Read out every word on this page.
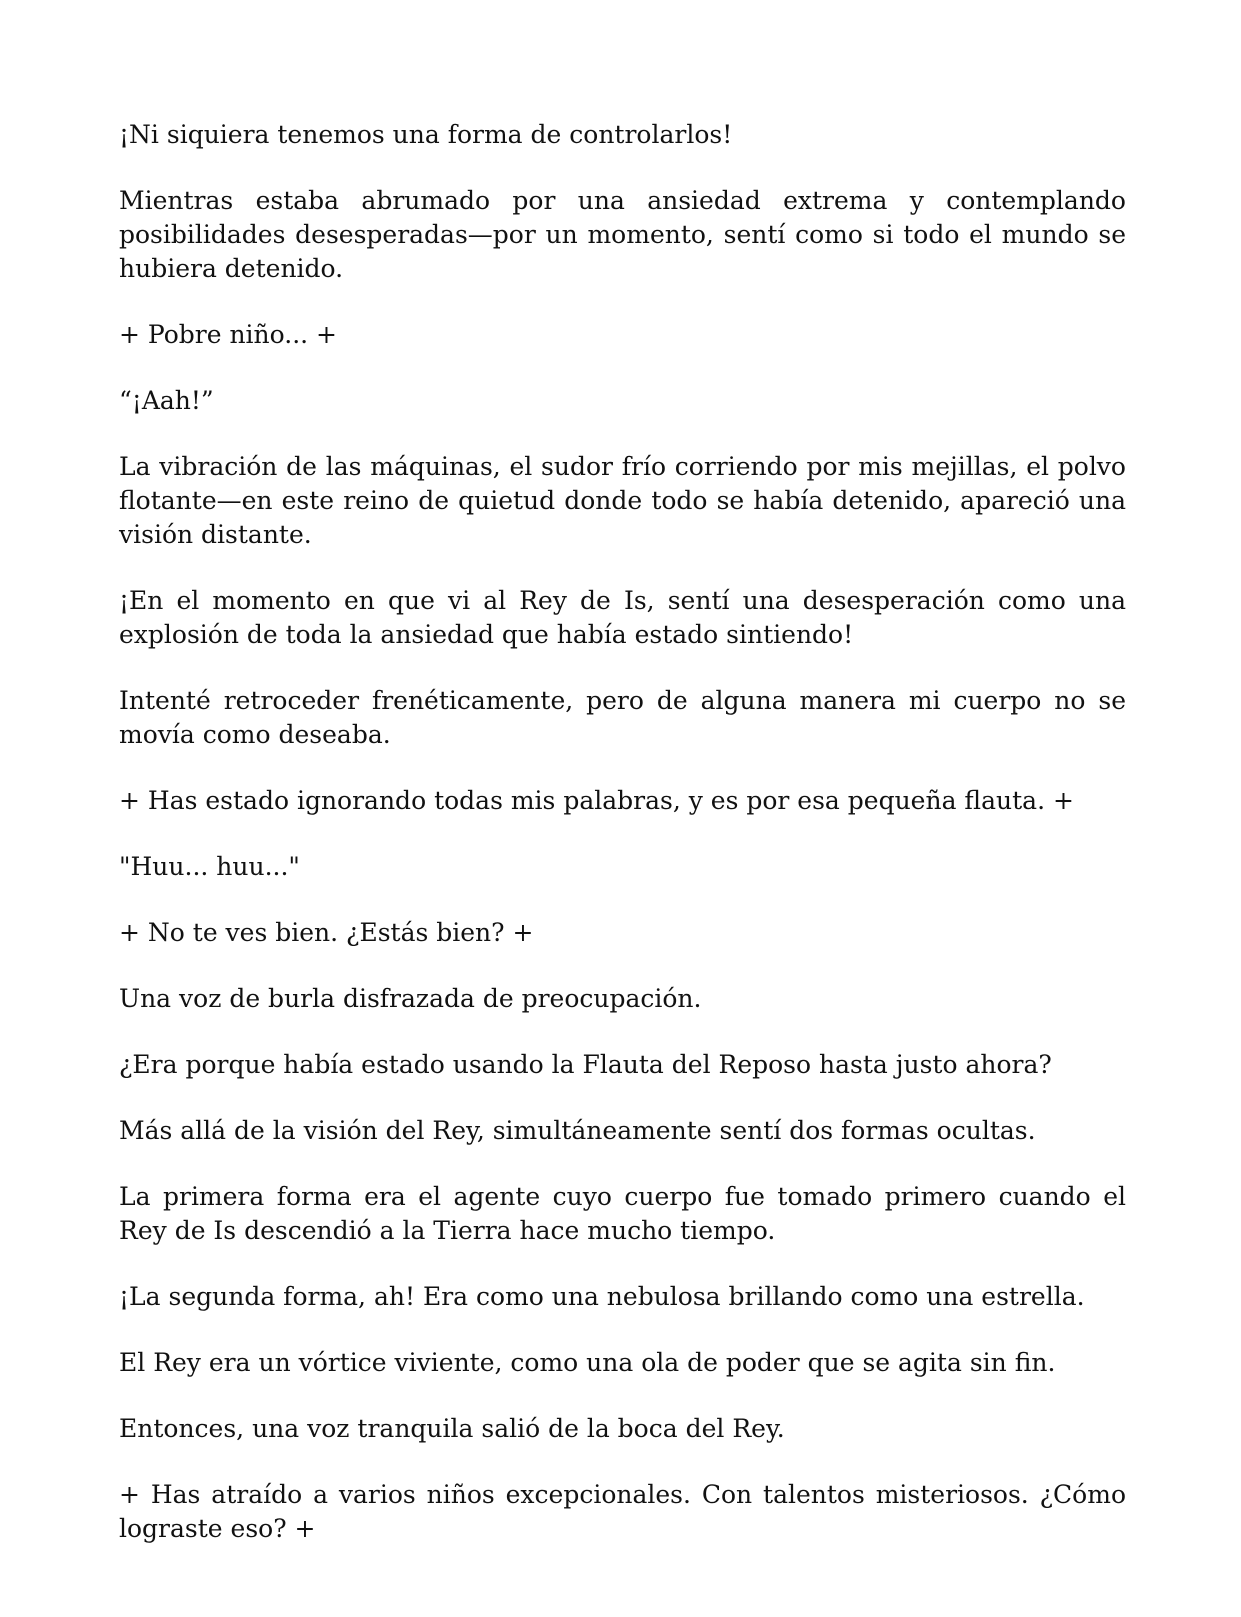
¡Ni siquiera tenemos una forma de controlarlos!

Mientras estaba abrumado por una ansiedad extrema y contemplando posibilidades desesperadas—por un momento, sentí como si todo el mundo se hubiera detenido.

+ Pobre niño... +

“¡Aah!”

La vibración de las máquinas, el sudor frío corriendo por mis mejillas, el polvo flotante—en este reino de quietud donde todo se había detenido, apareció una visión distante.

¡En el momento en que vi al Rey de Is, sentí una desesperación como una explosión de toda la ansiedad que había estado sintiendo!

Intenté retroceder frenéticamente, pero de alguna manera mi cuerpo no se movía como deseaba.

+ Has estado ignorando todas mis palabras, y es por esa pequeña flauta. +

"Huu... huu..."

+ No te ves bien. ¿Estás bien? +

Una voz de burla disfrazada de preocupación.

¿Era porque había estado usando la Flauta del Reposo hasta justo ahora?

Más allá de la visión del Rey, simultáneamente sentí dos formas ocultas.

La primera forma era el agente cuyo cuerpo fue tomado primero cuando el Rey de Is descendió a la Tierra hace mucho tiempo.

¡La segunda forma, ah! Era como una nebulosa brillando como una estrella.

El Rey era un vórtice viviente, como una ola de poder que se agita sin fin.

Entonces, una voz tranquila salió de la boca del Rey.

+ Has atraído a varios niños excepcionales. Con talentos misteriosos. ¿Cómo lograste eso? +
